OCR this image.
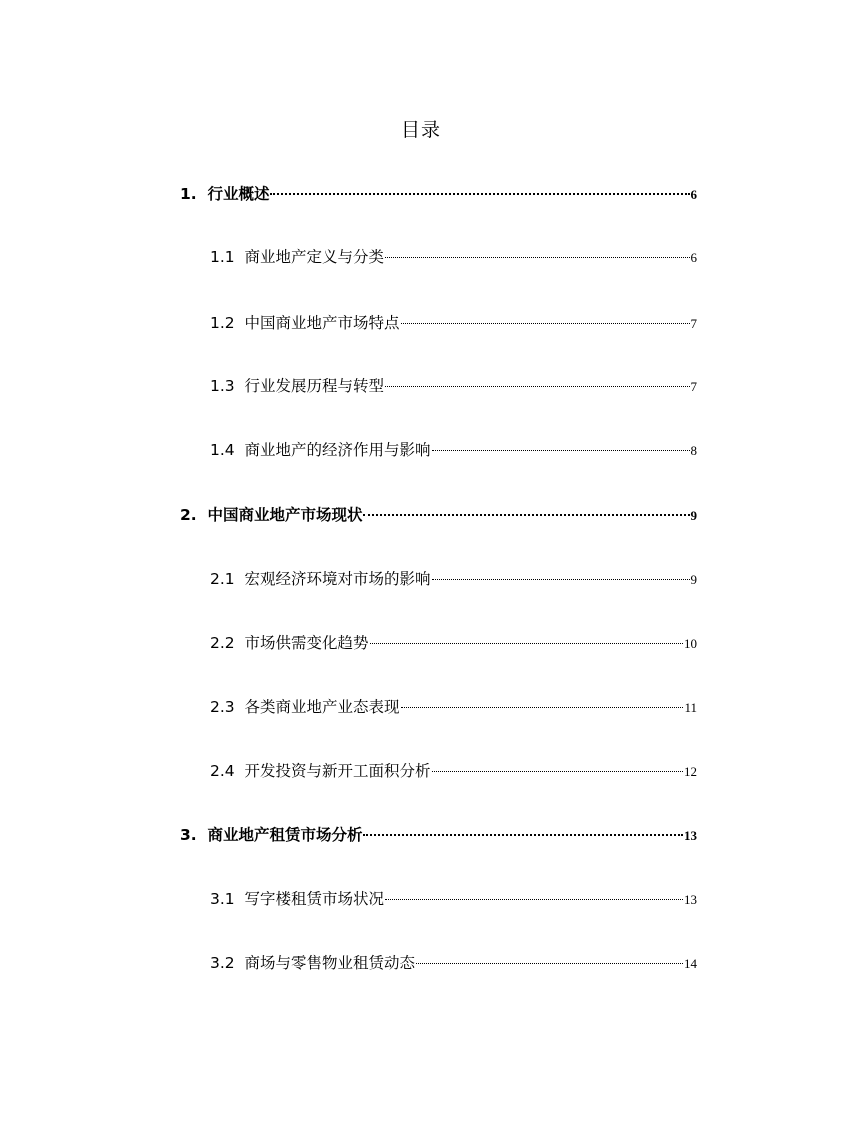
目录
1. 行业概述	6
1.1 商业地产定义与分类	6
1.2 中国商业地产市场特点	7
1.3 行业发展历程与转型	7
1.4 商业地产的经济作用与影响	8
2. 中国商业地产市场现状	9
2.1 宏观经济环境对市场的影响	9
2.2 市场供需变化趋势	10
2.3 各类商业地产业态表现	11
2.4 开发投资与新开工面积分析	12
3. 商业地产租赁市场分析	13
3.1 写字楼租赁市场状况	13
3.2 商场与零售物业租赁动态	14
